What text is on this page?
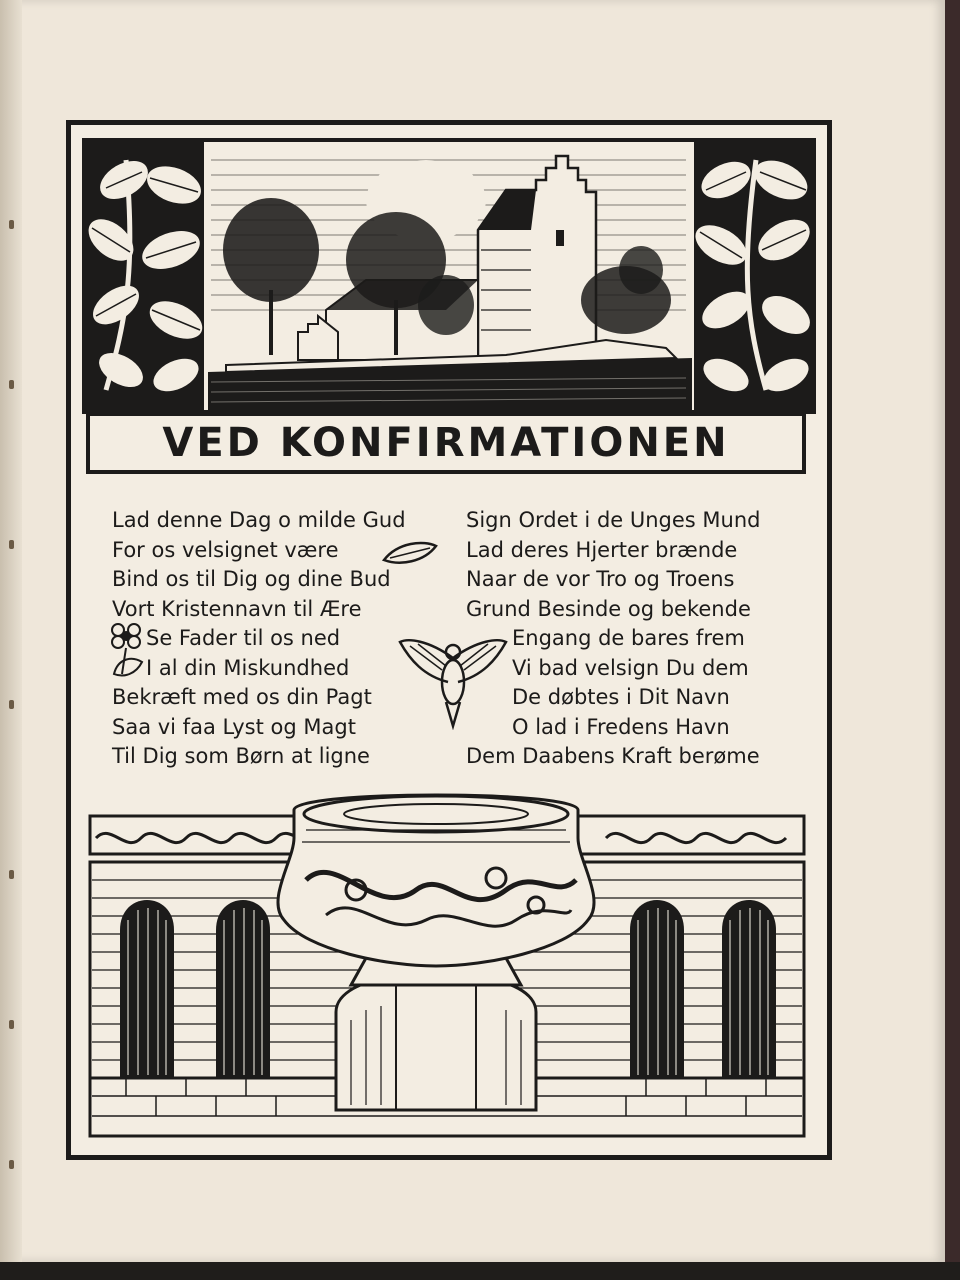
VED KONFIRMATIONEN
Lad denne Dag o milde Gud
For os velsignet være
Bind os til Dig og dine Bud
Vort Kristennavn til Ære
Se Fader til os ned
I al din Miskundhed
Bekræft med os din Pagt
Saa vi faa Lyst og Magt
Til Dig som Børn at ligne
Sign Ordet i de Unges Mund
Lad deres Hjerter brænde
Naar de vor Tro og Troens
Grund Besinde og bekende
Engang de bares frem
Vi bad velsign Du dem
De døbtes i Dit Navn
O lad i Fredens Havn
Dem Daabens Kraft berøme
